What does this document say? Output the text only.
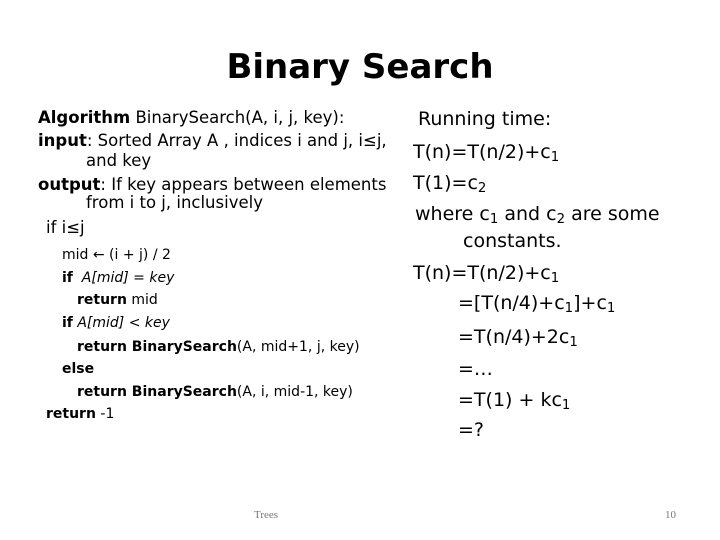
Binary Search
Algorithm BinarySearch(A, i, j, key):
input: Sorted Array A , indices i and j, i≤j,
and key
output: If key appears between elements
from i to j, inclusively
if i≤j
mid ← (i + j) / 2
if A[mid] = key
return mid
if A[mid] < key
return BinarySearch(A, mid+1, j, key)
else
return BinarySearch(A, i, mid-1, key)
return -1
Running time:
$T(n)=T(n/2)+c_1$
$T(1)=c_2$
where $c_1$ and $c_2$ are some
constants.
$T(n)=T(n/2)+c_1$
$=[T(n/4)+c_1]+c_1$
$=T(n/4)+2c_1$
=…
$=T(1) + kc_1$
=?
Trees	10
